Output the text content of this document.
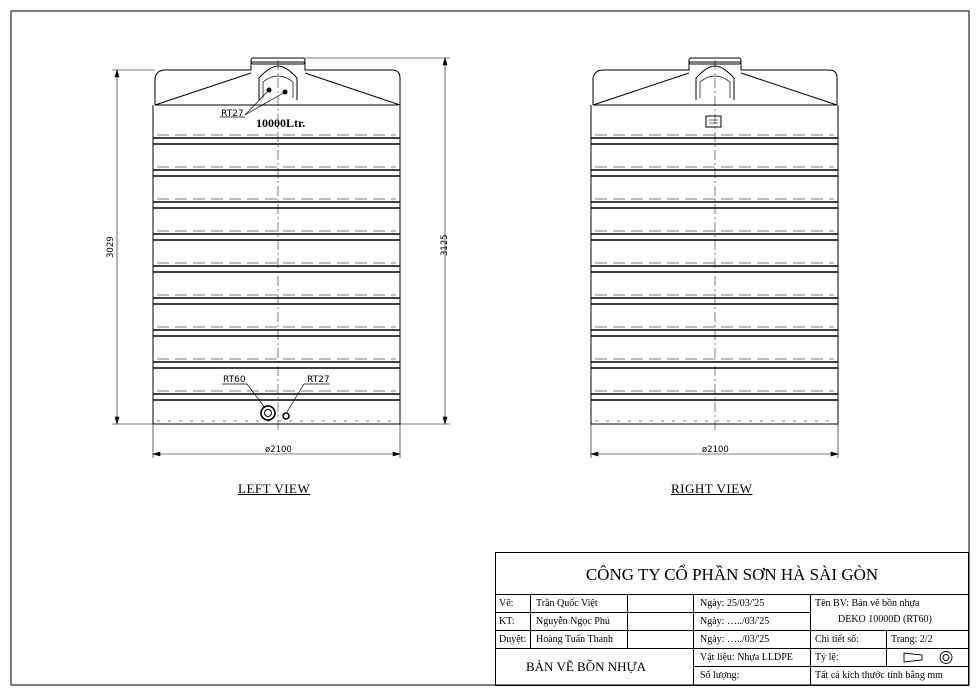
RT27
10000Ltr.
RT60	RT27
3029	3125
ø2100	ø2100
LEFT VIEW	RIGHT VIEW
CÔNG TY CỔ PHẦN SƠN HÀ SÀI GÒN
Vẽ: Trần Quốc Việt	Ngày: 25/03/'25
KT: Nguyễn Ngọc Phú	Ngày: …../03/'25
Duyệt: Hoàng Tuấn Thanh	Ngày: …../03/'25
Tên BV: Bản vẽ bồn nhựa
DEKO 10000D (RT60)
Chi tiết số:	Trang: 2/2
BẢN VẼ BỒN NHỰA
Vật liệu: Nhựa LLDPE Tỷ lệ:
Số lượng:	Tất cả kích thước tính bằng mm
